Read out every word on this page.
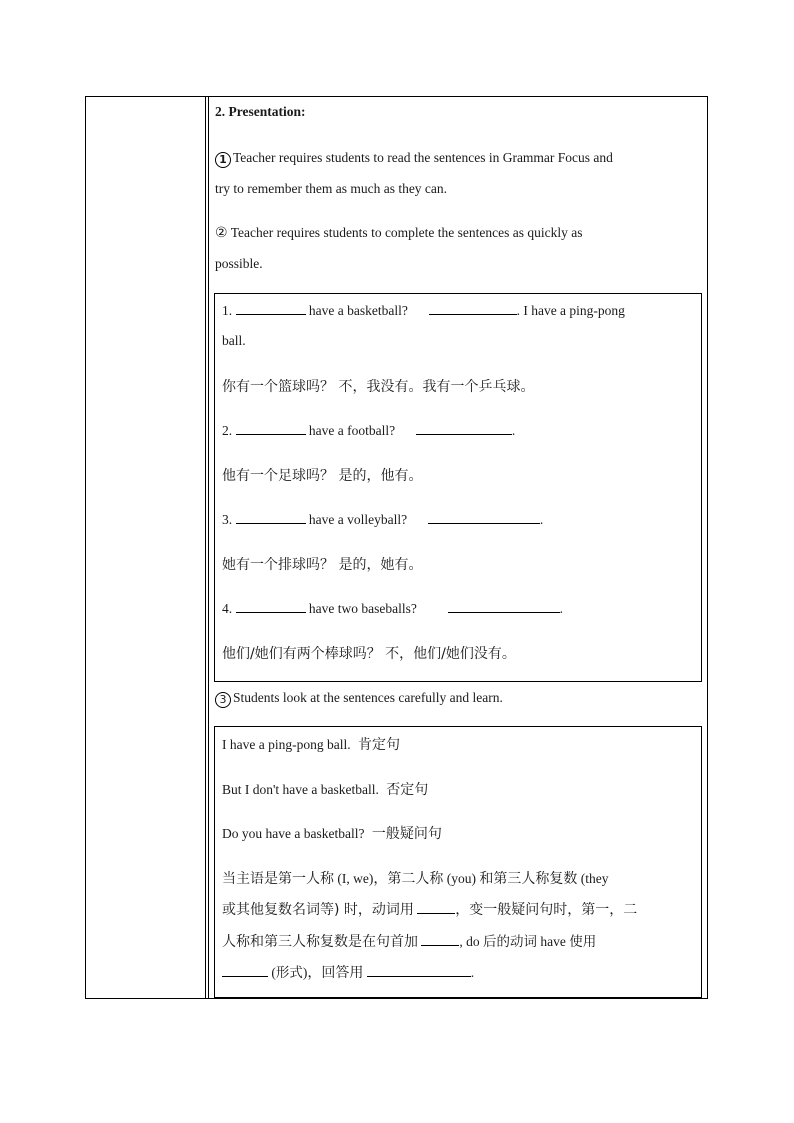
2. Presentation:
1 Teacher requires students to read the sentences in Grammar Focus and
try to remember them as much as they can.
② Teacher requires students to complete the sentences as quickly as
possible.
1.	have a basketball?	. I have a ping-pong
ball.
你有一个篮球吗？ 不，我没有。我有一个乒乓球。
2.	have a football?	.
他有一个足球吗？ 是的，他有。
3.	have a volleyball?	.
她有一个排球吗？ 是的，她有。
4.	have two baseballs?	.
他们/她们有两个棒球吗？ 不，他们/她们没有。
3 Students look at the sentences carefully and learn.
I have a ping-pong ball. 肯定句
But I don't have a basketball. 否定句
Do you have a basketball? 一般疑问句
当主语是第一人称 (I, we)，第二人称 (you) 和第三人称复数 (they
或其他复数名词等) 时，动词用	，变一般疑问句时，第一，二
人称和第三人称复数是在句首加	, do 后的动词 have 使用
(形式)，回答用	.
